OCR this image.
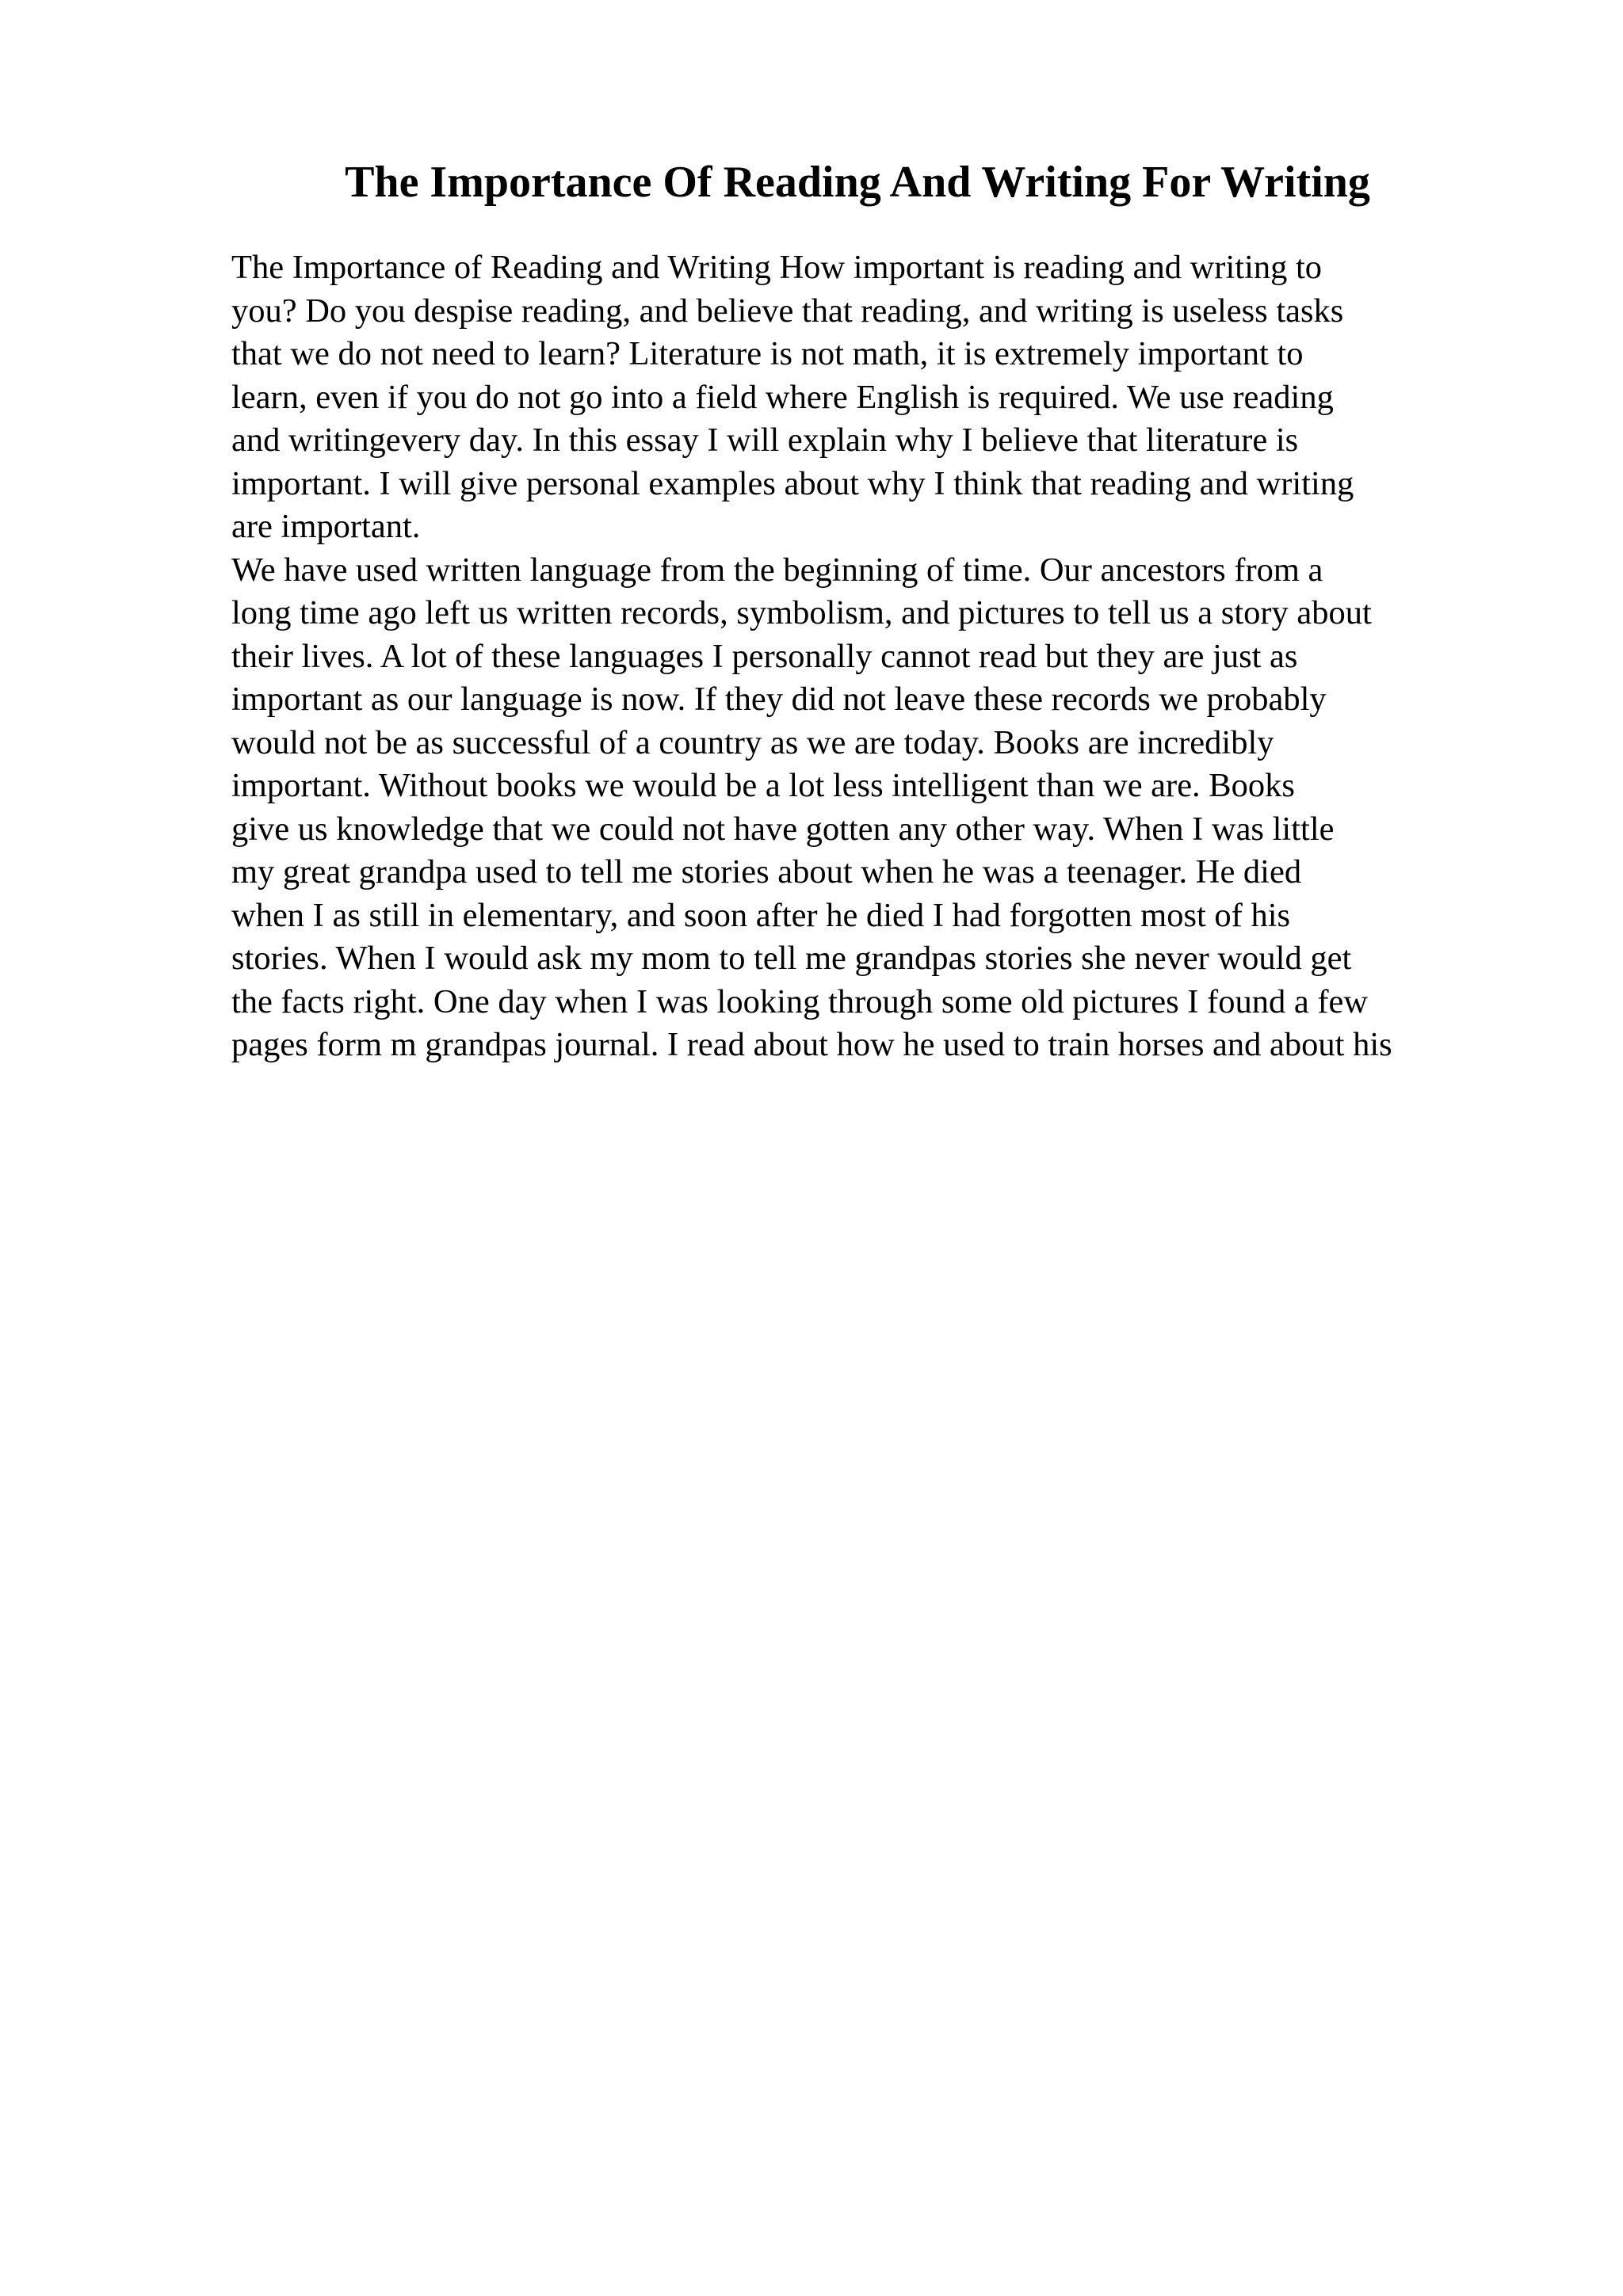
The Importance Of Reading And Writing For Writing

The Importance of Reading and Writing How important is reading and writing to

you? Do you despise reading, and believe that reading, and writing is useless tasks

that we do not need to learn? Literature is not math, it is extremely important to

learn, even if you do not go into a field where English is required. We use reading

and writingevery day. In this essay I will explain why I believe that literature is

important. I will give personal examples about why I think that reading and writing

are important.

We have used written language from the beginning of time. Our ancestors from a

long time ago left us written records, symbolism, and pictures to tell us a story about

their lives. A lot of these languages I personally cannot read but they are just as

important as our language is now. If they did not leave these records we probably

would not be as successful of a country as we are today. Books are incredibly

important. Without books we would be a lot less intelligent than we are. Books

give us knowledge that we could not have gotten any other way. When I was little

my great grandpa used to tell me stories about when he was a teenager. He died

when I as still in elementary, and soon after he died I had forgotten most of his

stories. When I would ask my mom to tell me grandpas stories she never would get

the facts right. One day when I was looking through some old pictures I found a few

pages form m grandpas journal. I read about how he used to train horses and about his
